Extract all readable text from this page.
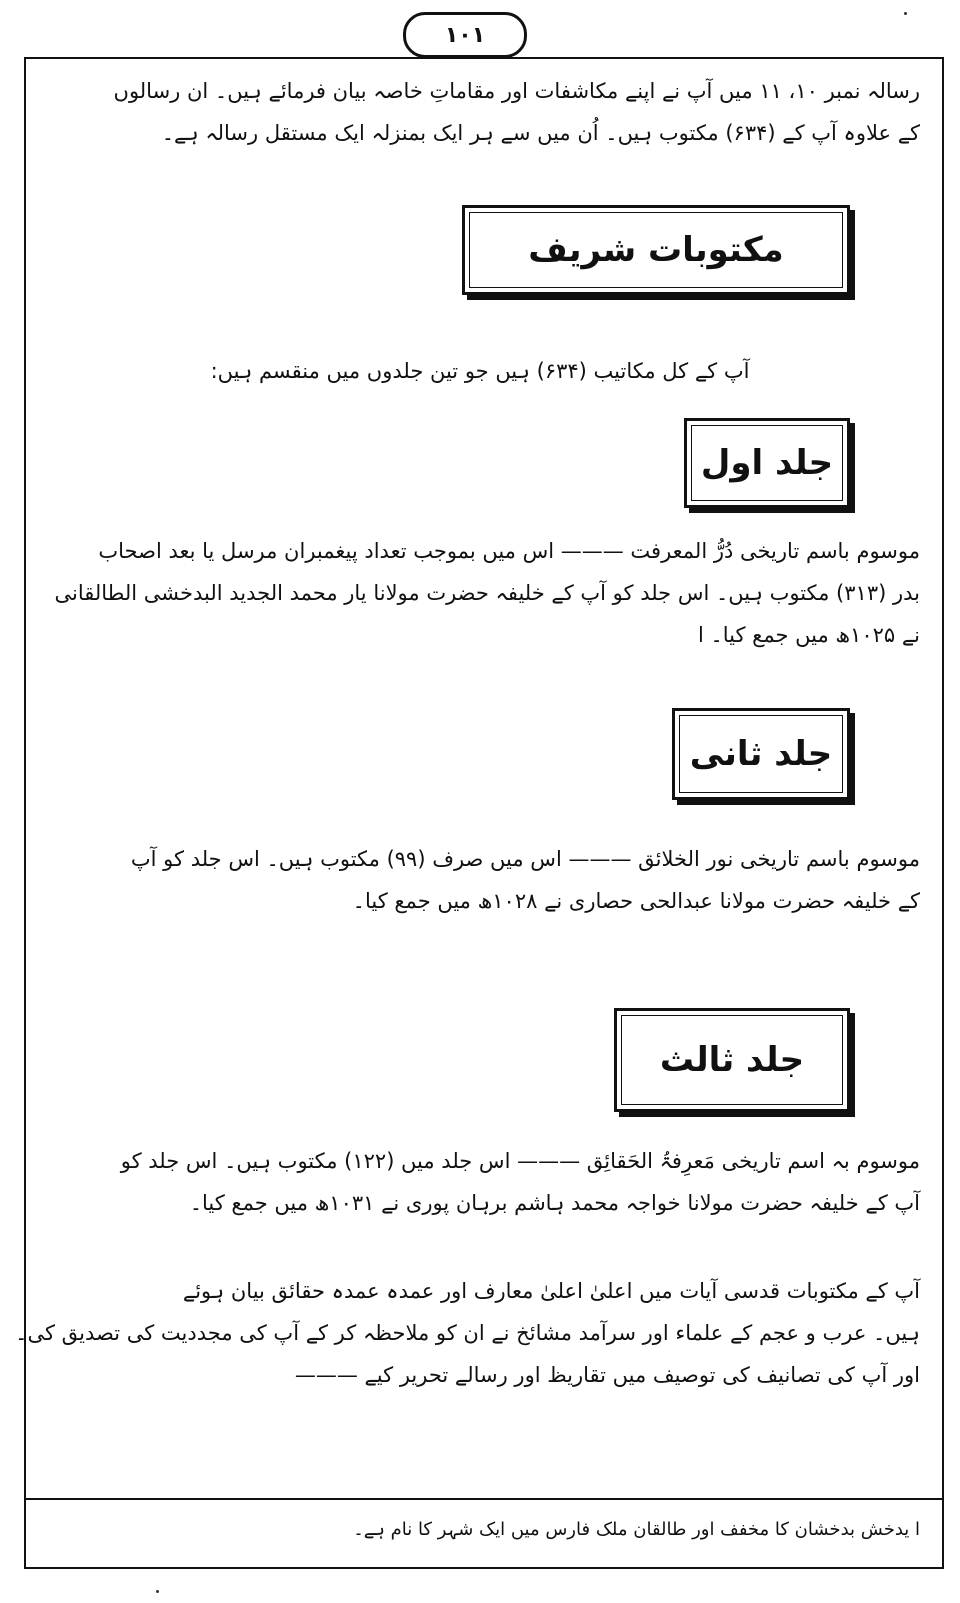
۱۰۱
رسالہ نمبر ۱۰، ۱۱ میں آپ نے اپنے مکاشفات اور مقاماتِ خاصہ بیان فرمائے ہیں۔ ان رسالوں
کے علاوہ آپ کے (۶۳۴) مکتوب ہیں۔ اُن میں سے ہر ایک بمنزلہ ایک مستقل رسالہ ہے۔
مکتوبات شریف
آپ کے کل مکاتیب (۶۳۴) ہیں جو تین جلدوں میں منقسم ہیں:
جلد اول
موسوم باسم تاریخی دُرُّ المعرفت ——— اس میں بموجب تعداد پیغمبران مرسل یا بعد اصحاب
بدر (۳۱۳) مکتوب ہیں۔ اس جلد کو آپ کے خلیفہ حضرت مولانا یار محمد الجدید البدخشی الطالقانی
نے ۱۰۲۵ھ میں جمع کیا۔ ا
جلد ثانی
موسوم باسم تاریخی نور الخلائق ——— اس میں صرف (۹۹) مکتوب ہیں۔ اس جلد کو آپ
کے خلیفہ حضرت مولانا عبدالحی حصاری نے ۱۰۲۸ھ میں جمع کیا۔
جلد ثالث
موسوم بہ اسم تاریخی مَعرِفۃُ الحَقائِق ——— اس جلد میں (۱۲۲) مکتوب ہیں۔ اس جلد کو
آپ کے خلیفہ حضرت مولانا خواجہ محمد ہاشم برہان پوری نے ۱۰۳۱ھ میں جمع کیا۔
آپ کے مکتوبات قدسی آیات میں اعلیٰ اعلیٰ معارف اور عمدہ عمدہ حقائق بیان ہوئے
ہیں۔ عرب و عجم کے علماء اور سرآمد مشائخ نے ان کو ملاحظہ کر کے آپ کی مجددیت کی تصدیق کی۔
اور آپ کی تصانیف کی توصیف میں تقاریظ اور رسالے تحریر کیے ———
ا یدخش بدخشان کا مخفف اور طالقان ملک فارس میں ایک شہر کا نام ہے۔
